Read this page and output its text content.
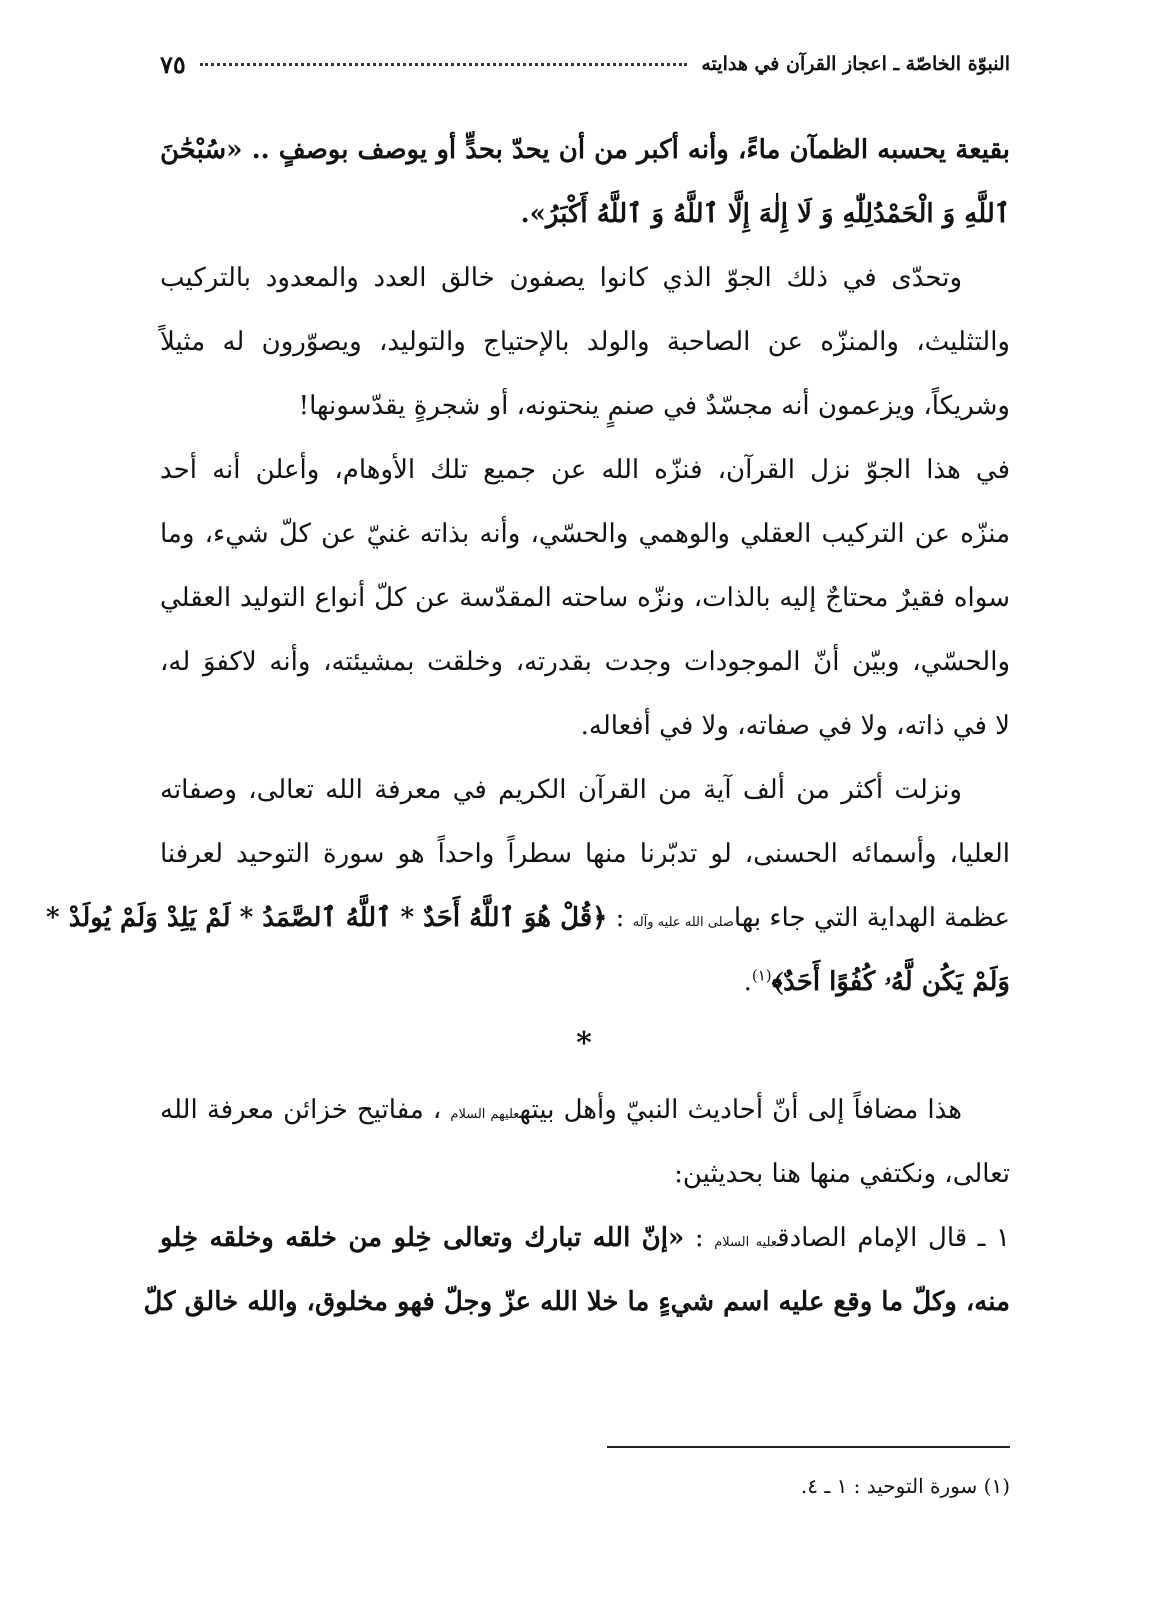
النبوّة الخاصّة ـ اعجاز القرآن في هدايته
٧٥
بقيعة يحسبه الظمآن ماءً، وأنه أكبر من أن يحدّ بحدٍّ أو يوصف بوصفٍ .. «سُبْحَٰنَ
ٱللَّهِ وَ الْحَمْدُلِلّٰهِ وَ لَا إِلٰهَ إِلَّا ٱللَّهُ وَ ٱللَّهُ أَكْبَرُ».
وتحدّى في ذلك الجوّ الذي كانوا يصفون خالق العدد والمعدود بالتركيب
والتثليث، والمنزّه عن الصاحبة والولد بالإحتياج والتوليد، ويصوّرون له مثيلاً
وشريكاً، ويزعمون أنه مجسّدٌ في صنمٍ ينحتونه، أو شجرةٍ يقدّسونها!
في هذا الجوّ نزل القرآن، فنزّه الله عن جميع تلك الأوهام، وأعلن أنه أحد
منزّه عن التركيب العقلي والوهمي والحسّي، وأنه بذاته غنيّ عن كلّ شيء، وما
سواه فقيرٌ محتاجٌ إليه بالذات، ونزّه ساحته المقدّسة عن كلّ أنواع التوليد العقلي
والحسّي، وبيّن أنّ الموجودات وجدت بقدرته، وخلقت بمشيئته، وأنه لاكفوَ له،
لا في ذاته، ولا في صفاته، ولا في أفعاله.
ونزلت أكثر من ألف آية من القرآن الكريم في معرفة الله تعالى، وصفاته
العليا، وأسمائه الحسنى، لو تدبّرنا منها سطراً واحداً هو سورة التوحيد لعرفنا
عظمة الهداية التي جاء بهاصلى الله عليه وآله : ﴿قُلْ هُوَ ٱللَّهُ أَحَدٌ * ٱللَّهُ ٱلصَّمَدُ * لَمْ يَلِدْ وَلَمْ يُولَدْ *
وَلَمْ يَكُن لَّهُۥ كُفُوًا أَحَدٌ﴾$^{(١)}$.
*
هذا مضافاً إلى أنّ أحاديث النبيّ وأهل بيتهعليهم السلام ، مفاتيح خزائن معرفة الله
تعالى، ونكتفي منها هنا بحديثين:
١ ـ قال الإمام الصادقعليه السلام : «إنّ الله تبارك وتعالى خِلو من خلقه وخلقه خِلو
منه، وكلّ ما وقع عليه اسم شيءٍ ما خلا الله عزّ وجلّ فهو مخلوق، والله خالق كلّ
(١) سورة التوحيد : ١ ـ ٤.
